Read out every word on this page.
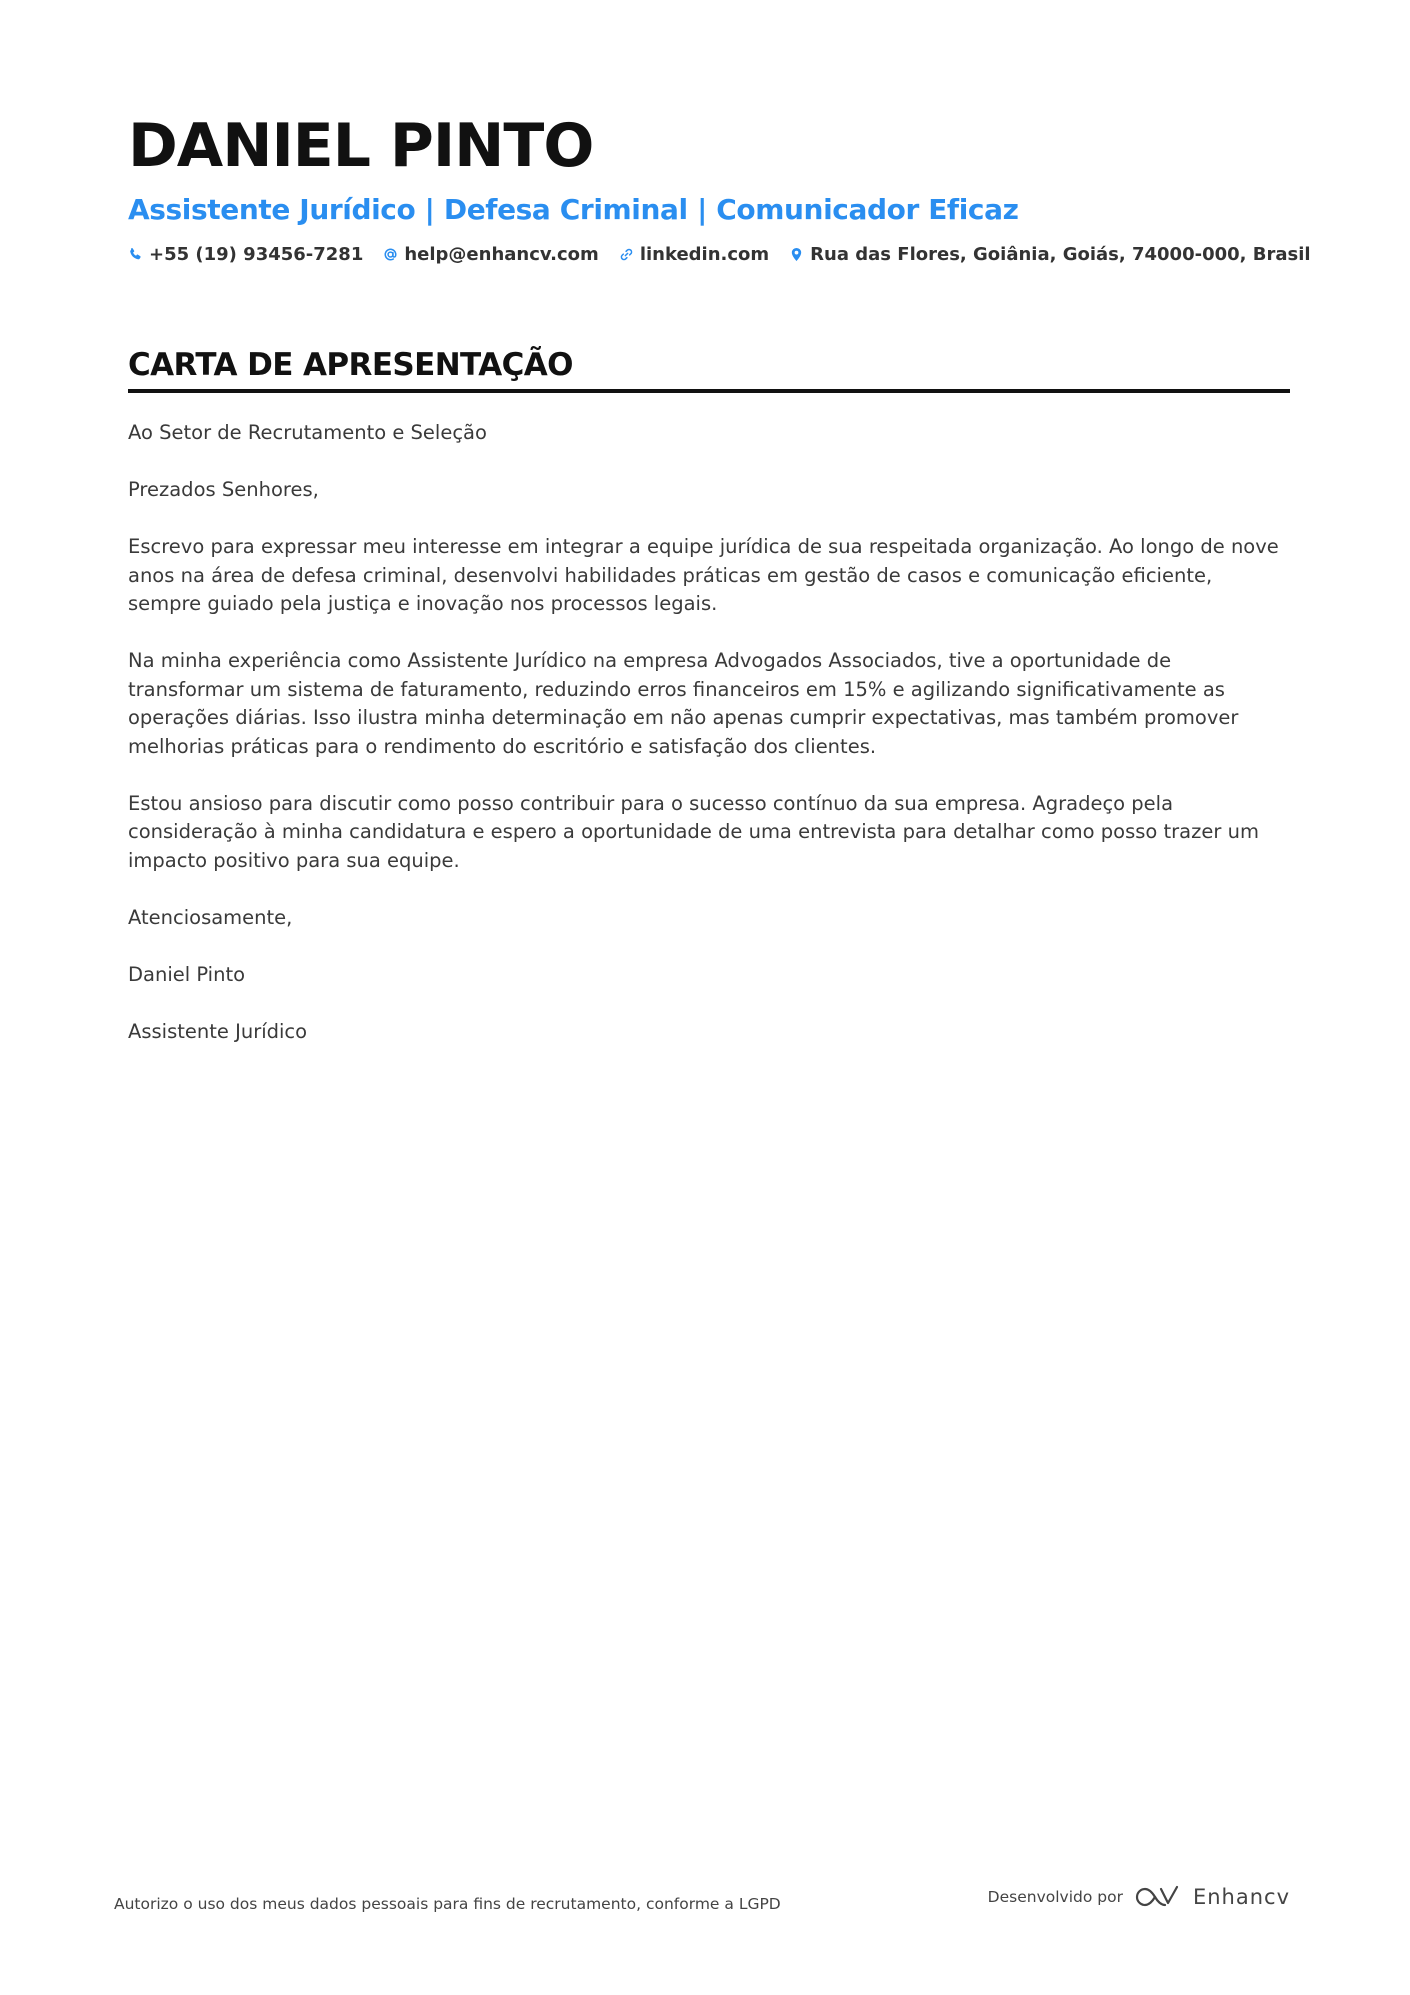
DANIEL PINTO
Assistente Jurídico | Defesa Criminal | Comunicador Eficaz
+55 (19) 93456-7281 help@enhancv.com linkedin.com Rua das Flores, Goiânia, Goiás, 74000-000, Brasil
CARTA DE APRESENTAÇÃO

Ao Setor de Recrutamento e Seleção

Prezados Senhores,

Escrevo para expressar meu interesse em integrar a equipe jurídica de sua respeitada organização. Ao longo de nove anos na área de defesa criminal, desenvolvi habilidades práticas em gestão de casos e comunicação eficiente, sempre guiado pela justiça e inovação nos processos legais.

Na minha experiência como Assistente Jurídico na empresa Advogados Associados, tive a oportunidade de transformar um sistema de faturamento, reduzindo erros financeiros em 15% e agilizando significativamente as operações diárias. Isso ilustra minha determinação em não apenas cumprir expectativas, mas também promover melhorias práticas para o rendimento do escritório e satisfação dos clientes.

Estou ansioso para discutir como posso contribuir para o sucesso contínuo da sua empresa. Agradeço pela consideração à minha candidatura e espero a oportunidade de uma entrevista para detalhar como posso trazer um impacto positivo para sua equipe.

Atenciosamente,

Daniel Pinto

Assistente Jurídico

Autorizo o uso dos meus dados pessoais para fins de recrutamento, conforme a LGPD	Desenvolvido por	Enhancv
